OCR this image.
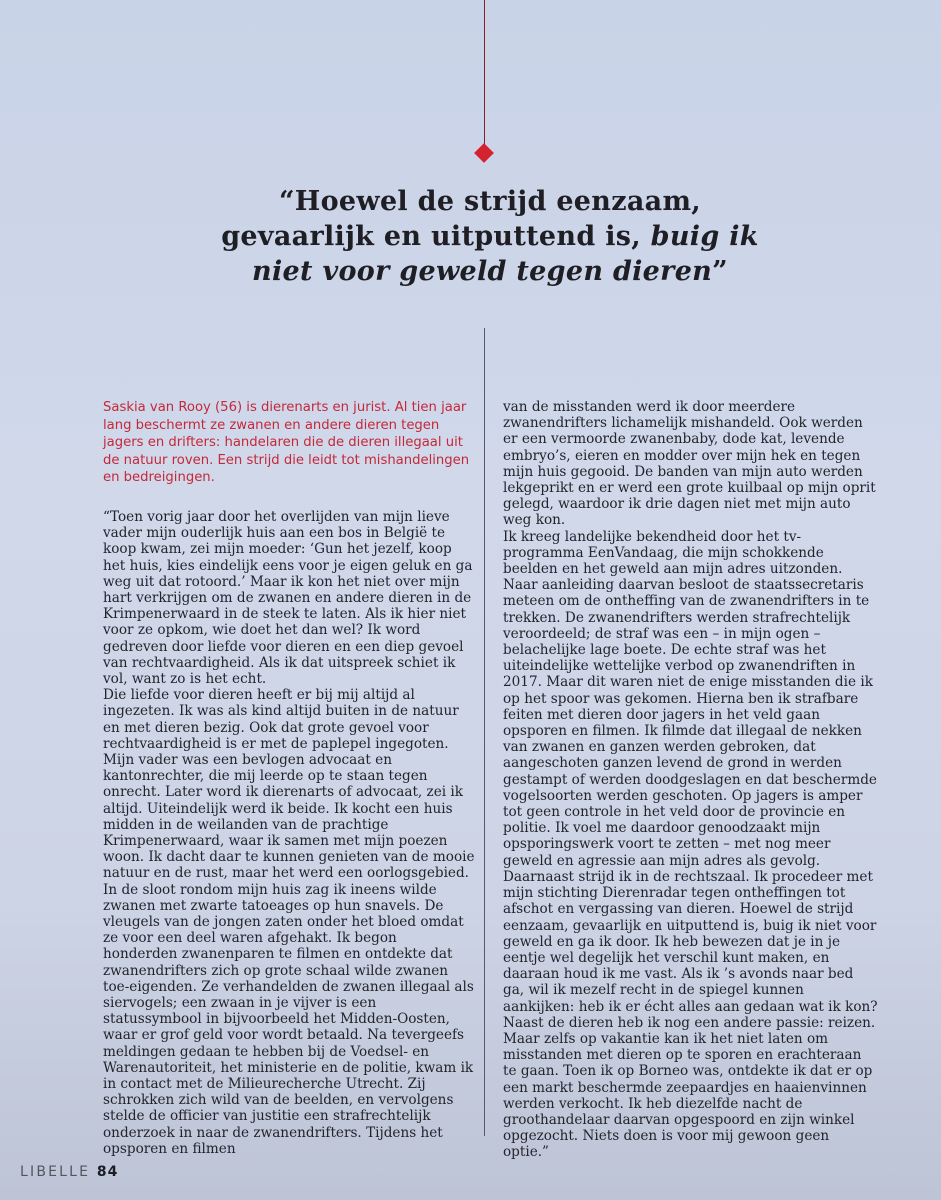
“Hoewel de strijd eenzaam,
gevaarlijk en uitputtend is, buig ik
niet voor geweld tegen dieren”

Saskia van Rooy (56) is dierenarts en jurist. Al tien jaar lang beschermt ze zwanen en andere dieren tegen jagers en drifters: handelaren die de dieren illegaal uit de natuur roven. Een strijd die leidt tot mishandelingen en bedreigingen.

“Toen vorig jaar door het overlijden van mijn lieve vader mijn ouderlijk huis aan een bos in België te koop kwam, zei mijn moeder: ‘Gun het jezelf, koop het huis, kies eindelijk eens voor je eigen geluk en ga weg uit dat rotoord.’ Maar ik kon het niet over mijn hart verkrijgen om de zwanen en andere dieren in de Krimpenerwaard in de steek te laten. Als ik hier niet voor ze opkom, wie doet het dan wel? Ik word gedreven door liefde voor dieren en een diep gevoel van rechtvaardigheid. Als ik dat uitspreek schiet ik vol, want zo is het echt.

Die liefde voor dieren heeft er bij mij altijd al ingezeten. Ik was als kind altijd buiten in de natuur en met dieren bezig. Ook dat grote gevoel voor rechtvaardigheid is er met de paplepel ingegoten. Mijn vader was een bevlogen advocaat en kantonrechter, die mij leerde op te staan tegen onrecht. Later word ik dierenarts of advocaat, zei ik altijd. Uiteindelijk werd ik beide. Ik kocht een huis midden in de weilanden van de prachtige Krimpenerwaard, waar ik samen met mijn poezen woon. Ik dacht daar te kunnen genieten van de mooie natuur en de rust, maar het werd een oorlogsgebied. In de sloot rondom mijn huis zag ik ineens wilde zwanen met zwarte tatoeages op hun snavels. De vleugels van de jongen zaten onder het bloed omdat ze voor een deel waren afgehakt. Ik begon honderden zwanenparen te filmen en ontdekte dat zwanendrifters zich op grote schaal wilde zwanen toe-eigenden. Ze verhandelden de zwanen illegaal als siervogels; een zwaan in je vijver is een statussymbool in bijvoorbeeld het Midden-Oosten, waar er grof geld voor wordt betaald. Na tevergeefs meldingen gedaan te hebben bij de Voedsel- en Warenautoriteit, het ministerie en de politie, kwam ik in contact met de Milieurecherche Utrecht. Zij schrokken zich wild van de beelden, en vervolgens stelde de officier van justitie een strafrechtelijk onderzoek in naar de zwanendrifters. Tijdens het opsporen en filmen

van de misstanden werd ik door meerdere zwanendrifters lichamelijk mishandeld. Ook werden er een vermoorde zwanenbaby, dode kat, levende embryo’s, eieren en modder over mijn hek en tegen mijn huis gegooid. De banden van mijn auto werden lekgeprikt en er werd een grote kuilbaal op mijn oprit gelegd, waardoor ik drie dagen niet met mijn auto weg kon.

Ik kreeg landelijke bekendheid door het tv-programma EenVandaag, die mijn schokkende beelden en het geweld aan mijn adres uitzonden. Naar aanleiding daarvan besloot de staatssecretaris meteen om de ontheffing van de zwanendrifters in te trekken. De zwanendrifters werden strafrechtelijk veroordeeld; de straf was een – in mijn ogen – belachelijke lage boete. De echte straf was het uiteindelijke wettelijke verbod op zwanendriften in 2017. Maar dit waren niet de enige misstanden die ik op het spoor was gekomen. Hierna ben ik strafbare feiten met dieren door jagers in het veld gaan opsporen en filmen. Ik filmde dat illegaal de nekken van zwanen en ganzen werden gebroken, dat aangeschoten ganzen levend de grond in werden gestampt of werden doodgeslagen en dat beschermde vogelsoorten werden geschoten. Op jagers is amper tot geen controle in het veld door de provincie en politie. Ik voel me daardoor genoodzaakt mijn opsporingswerk voort te zetten – met nog meer geweld en agressie aan mijn adres als gevolg. Daarnaast strijd ik in de rechtszaal. Ik procedeer met mijn stichting Dierenradar tegen ontheffingen tot afschot en vergassing van dieren. Hoewel de strijd eenzaam, gevaarlijk en uitputtend is, buig ik niet voor geweld en ga ik door. Ik heb bewezen dat je in je eentje wel degelijk het verschil kunt maken, en daaraan houd ik me vast. Als ik ’s avonds naar bed ga, wil ik mezelf recht in de spiegel kunnen aankijken: heb ik er écht alles aan gedaan wat ik kon? Naast de dieren heb ik nog een andere passie: reizen. Maar zelfs op vakantie kan ik het niet laten om misstanden met dieren op te sporen en erachteraan te gaan. Toen ik op Borneo was, ontdekte ik dat er op een markt beschermde zeepaardjes en haaienvinnen werden verkocht. Ik heb diezelfde nacht de groothandelaar daarvan opgespoord en zijn winkel opgezocht. Niets doen is voor mij gewoon geen optie.”

LIBELLE 84
